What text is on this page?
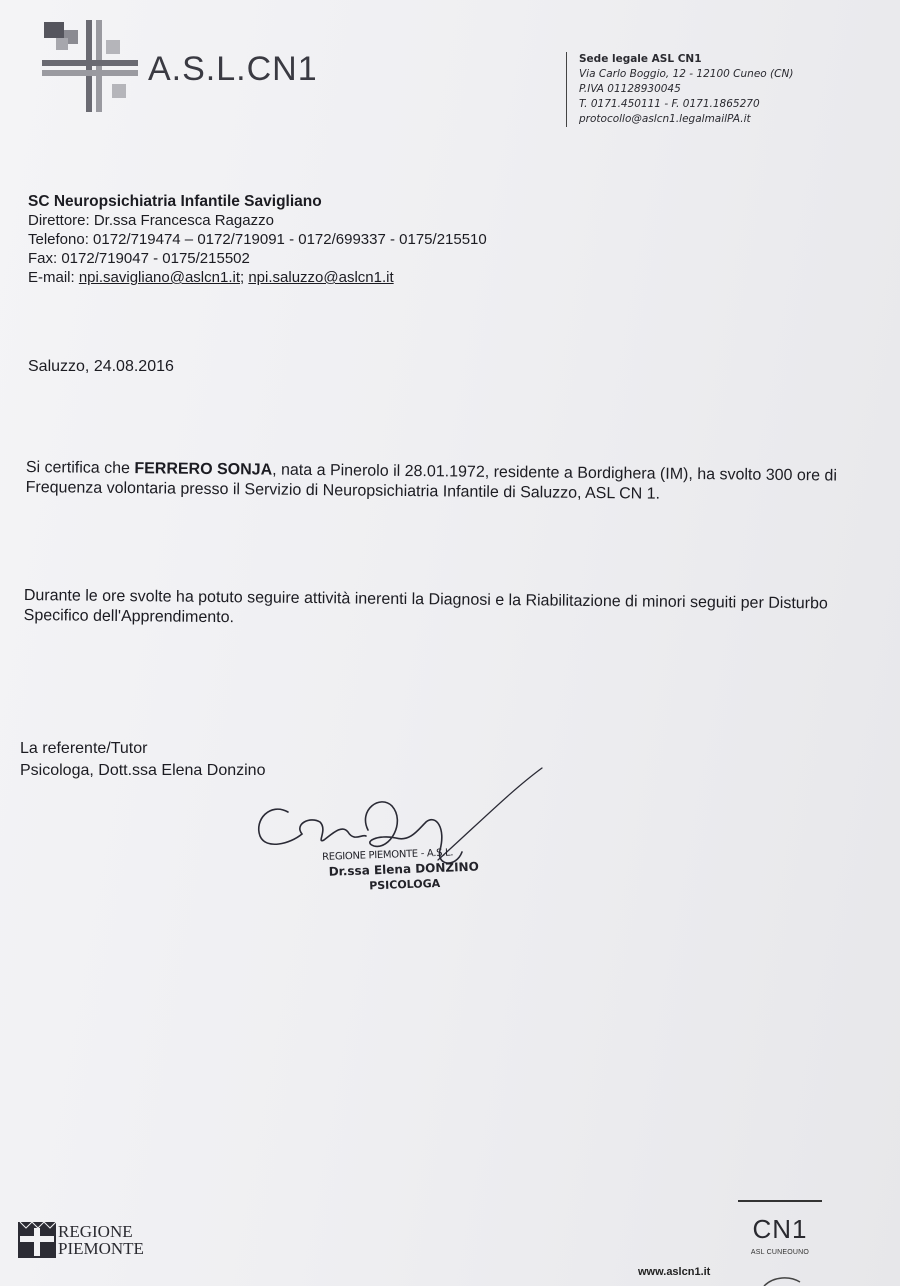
A.S.L.CN1	Sede legale ASL CN1
Via Carlo Boggio, 12 - 12100 Cuneo (CN)
P.IVA 01128930045
T. 0171.450111 - F. 0171.1865270
protocollo@aslcn1.legalmailPA.it
SC Neuropsichiatria Infantile Savigliano
Direttore: Dr.ssa Francesca Ragazzo
Telefono: 0172/719474 – 0172/719091 - 0172/699337 - 0175/215510
Fax: 0172/719047 - 0175/215502
E-mail: npi.savigliano@aslcn1.it; npi.saluzzo@aslcn1.it
Saluzzo, 24.08.2016
Si certifica che FERRERO SONJA, nata a Pinerolo il 28.01.1972, residente a Bordighera (IM), ha svolto 300 ore di Frequenza volontaria presso il Servizio di Neuropsichiatria Infantile di Saluzzo, ASL CN 1.
Durante le ore svolte ha potuto seguire attività inerenti la Diagnosi e la Riabilitazione di minori seguiti per Disturbo Specifico dell'Apprendimento.
La referente/Tutor
Psicologa, Dott.ssa Elena Donzino
REGIONE PIEMONTE - A.S.L.
Dr.ssa Elena DONZINO
PSICOLOGA
REGIONE
PIEMONTE
CN1
ASL CUNEOUNO
www.aslcn1.it
